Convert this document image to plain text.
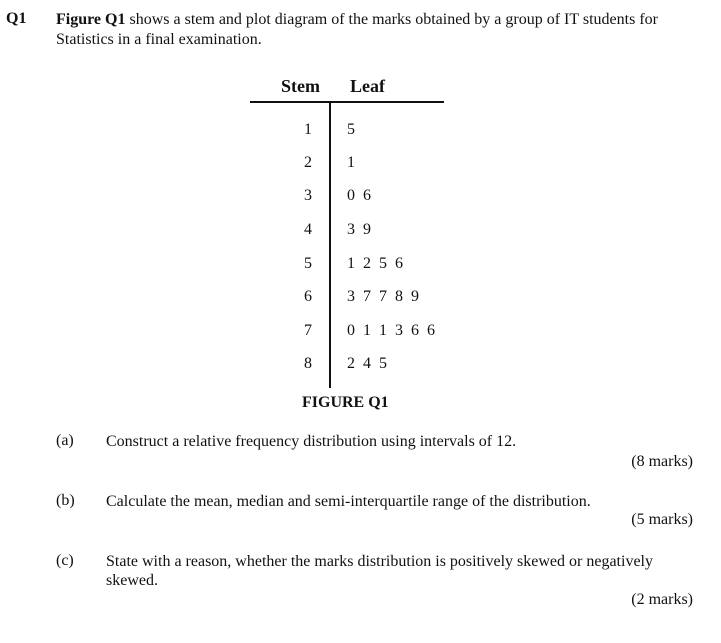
Q1 Figure Q1 shows a stem and plot diagram of the marks obtained by a group of IT students for Statistics in a final examination.
Stem Leaf
1 5
2 1
3 0 6
4 3 9
5 1 2 5 6
6 3 7 7 8 9
7 0 1 1 3 6 6
8 2 4 5
FIGURE Q1
(a) Construct a relative frequency distribution using intervals of 12.
(8 marks)
(b) Calculate the mean, median and semi-interquartile range of the distribution.
(5 marks)
(c) State with a reason, whether the marks distribution is positively skewed or negatively skewed.
(2 marks)
